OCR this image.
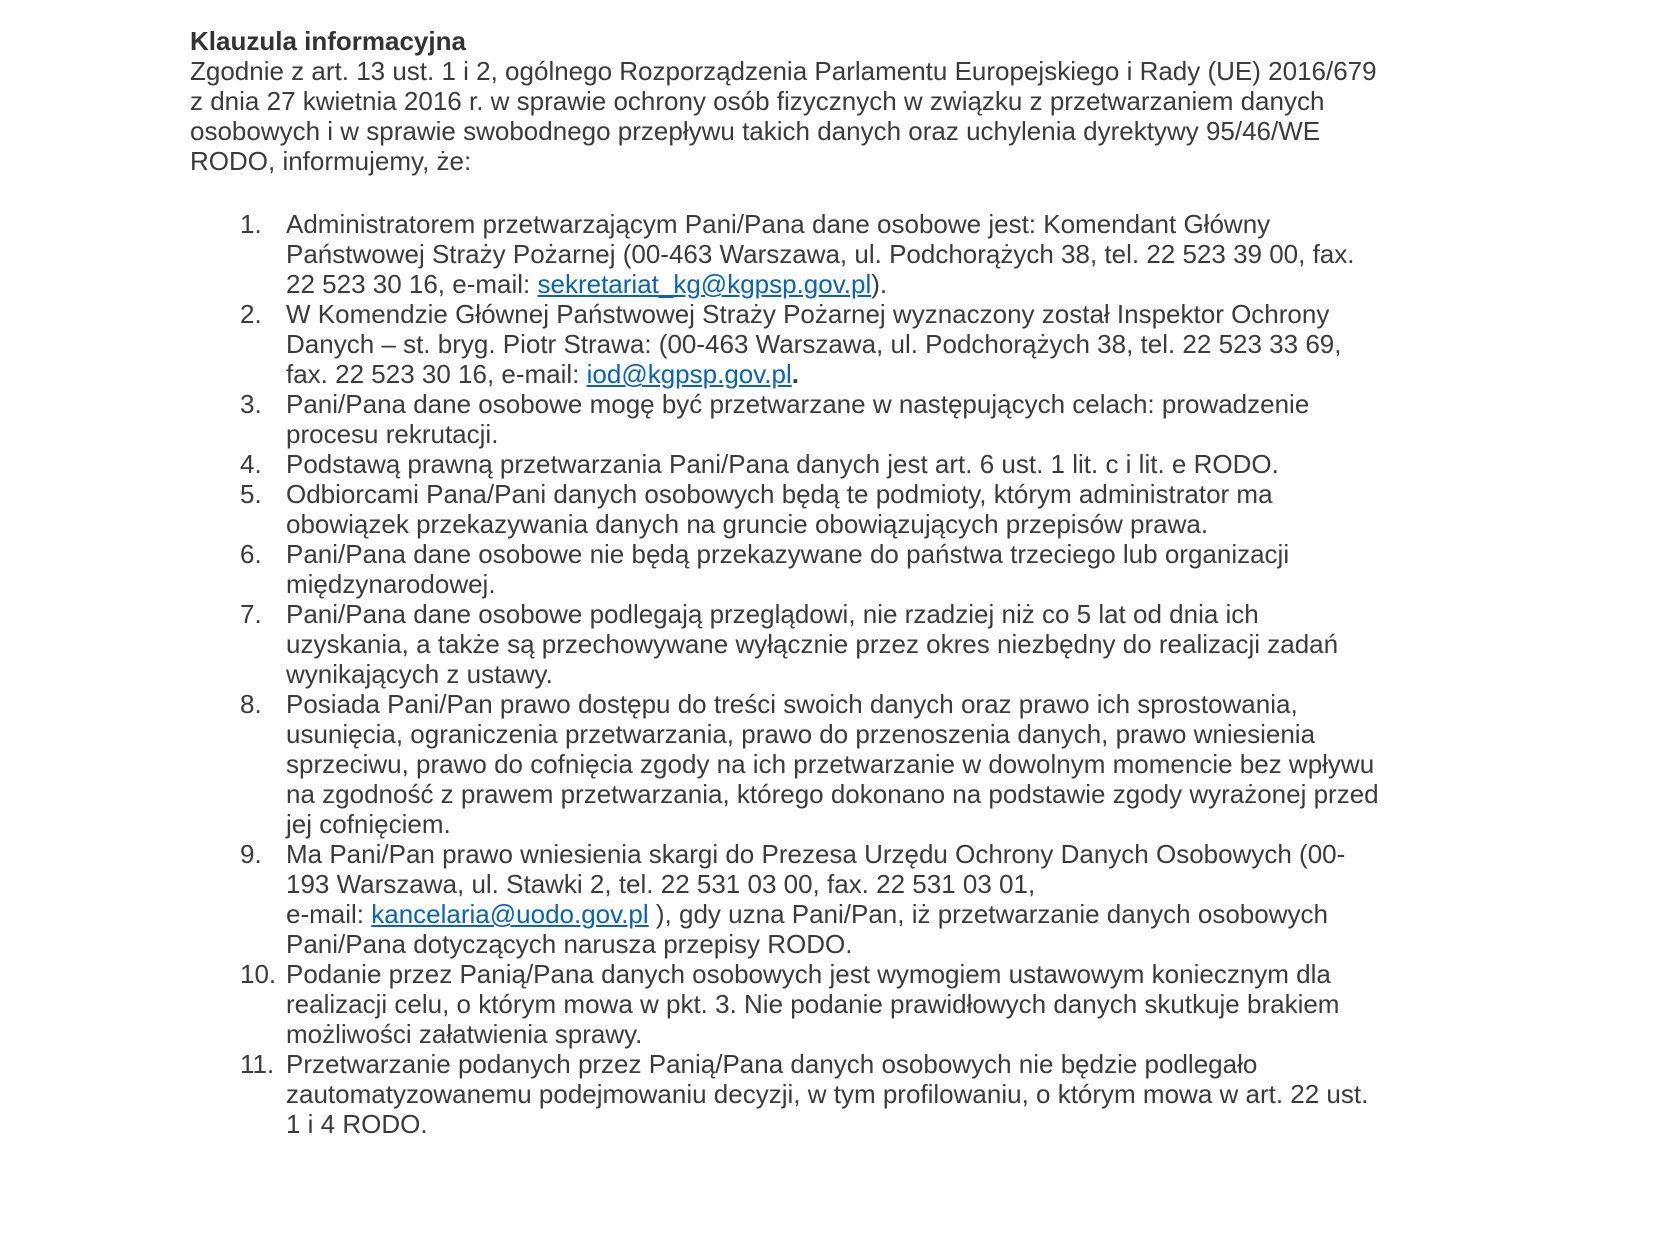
Klauzula informacyjna

Zgodnie z art. 13 ust. 1 i 2, ogólnego Rozporządzenia Parlamentu Europejskiego i Rady (UE) 2016/679 z dnia 27 kwietnia 2016 r. w sprawie ochrony osób fizycznych w związku z przetwarzaniem danych osobowych i w sprawie swobodnego przepływu takich danych oraz uchylenia dyrektywy 95/46/WE RODO, informujemy, że:

1. Administratorem przetwarzającym Pani/Pana dane osobowe jest: Komendant Główny Państwowej Straży Pożarnej (00-463 Warszawa, ul. Podchorążych 38, tel. 22 523 39 00, fax. 22 523 30 16, e-mail: sekretariat_kg@kgpsp.gov.pl).
2. W Komendzie Głównej Państwowej Straży Pożarnej wyznaczony został Inspektor Ochrony Danych – st. bryg. Piotr Strawa: (00-463 Warszawa, ul. Podchorążych 38, tel. 22 523 33 69, fax. 22 523 30 16, e-mail: iod@kgpsp.gov.pl.
3. Pani/Pana dane osobowe mogę być przetwarzane w następujących celach: prowadzenie procesu rekrutacji.
4. Podstawą prawną przetwarzania Pani/Pana danych jest art. 6 ust. 1 lit. c i lit. e RODO.
5. Odbiorcami Pana/Pani danych osobowych będą te podmioty, którym administrator ma obowiązek przekazywania danych na gruncie obowiązujących przepisów prawa.
6. Pani/Pana dane osobowe nie będą przekazywane do państwa trzeciego lub organizacji międzynarodowej.
7. Pani/Pana dane osobowe podlegają przeglądowi, nie rzadziej niż co 5 lat od dnia ich uzyskania, a także są przechowywane wyłącznie przez okres niezbędny do realizacji zadań wynikających z ustawy.
8. Posiada Pani/Pan prawo dostępu do treści swoich danych oraz prawo ich sprostowania, usunięcia, ograniczenia przetwarzania, prawo do przenoszenia danych, prawo wniesienia sprzeciwu, prawo do cofnięcia zgody na ich przetwarzanie w dowolnym momencie bez wpływu na zgodność z prawem przetwarzania, którego dokonano na podstawie zgody wyrażonej przed jej cofnięciem.
9. Ma Pani/Pan prawo wniesienia skargi do Prezesa Urzędu Ochrony Danych Osobowych (00-193 Warszawa, ul. Stawki 2, tel. 22 531 03 00, fax. 22 531 03 01,
e-mail: kancelaria@uodo.gov.pl ), gdy uzna Pani/Pan, iż przetwarzanie danych osobowych Pani/Pana dotyczących narusza przepisy RODO.
10. Podanie przez Panią/Pana danych osobowych jest wymogiem ustawowym koniecznym dla realizacji celu, o którym mowa w pkt. 3. Nie podanie prawidłowych danych skutkuje brakiem możliwości załatwienia sprawy.
11. Przetwarzanie podanych przez Panią/Pana danych osobowych nie będzie podlegało zautomatyzowanemu podejmowaniu decyzji, w tym profilowaniu, o którym mowa w art. 22 ust. 1 i 4 RODO.
